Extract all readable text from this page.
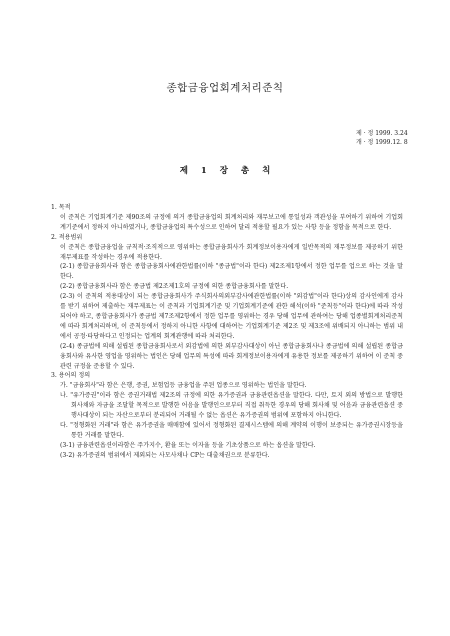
종합금융업회계처리준칙
제 · 정 1999. 3.24
개 · 정 1999.12. 8
제 1 장 총 칙
1. 목적
이 준칙은 기업회계기준 제90조의 규정에 의거 종합금융업의 회계처리와 재무보고에 통일성과 객관성을 부여하기 위하여 기업회계기준에서 정하지 아니하였거나, 종합금융업의 특수성으로 인하여 달리 적용할 필요가 있는 사항 등을 정함을 목적으로 한다.
2. 적용범위
이 준칙은 종합금융업을 규칙적·조직적으로 영위하는 종합금융회사가 회계정보이용자에게 일반목적의 재무정보를 제공하기 위한 재무제표를 작성하는 경우에 적용한다.
(2-1) 종합금융회사라 함은 종합금융회사에관한법률(이하 "종금법"이라 한다) 제2조제1항에서 정한 업무를 업으로 하는 것을 말한다.
(2-2) 종합금융회사라 함은 종금법 제2조제1호의 규정에 의한 종합금융회사를 말한다.
(2-3) 이 준칙의 적용대상이 되는 종합금융회사가 주식회사의외부감사에관한법률(이하 "외감법"이라 한다)상의 감사인에게 감사를 받기 위하여 제출하는 재무제표는 이 준칙과 기업회계기준 및 기업회계기준에 관한 해석(이하 "준칙등"이라 한다)에 따라 작성되어야 하고, 종합금융회사가 종금법 제7조제2항에서 정한 업무를 영위하는 경우 당해 업무에 관하여는 당해 업종별회계처리준칙에 따라 회계처리하며, 이 준칙등에서 정하지 아니한 사항에 대하여는 기업회계기준 제2조 및 제3조에 위배되지 아니하는 범위 내에서 공정·타당하다고 인정되는 업계의 회계관행에 따라 처리한다.
(2-4) 종금법에 의해 설립된 종합금융회사로서 외감법에 의한 외부감사대상이 아닌 종합금융회사나 종금법에 의해 설립된 종합금융회사와 유사한 영업을 영위하는 법인은 당해 업무의 특성에 따라 회계정보이용자에게 유용한 정보를 제공하기 위하여 이 준칙 중 관련 규정을 준용할 수 있다.
3. 용어의 정의
가. "금융회사"라 함은 은행, 증권, 보험업등 금융업을 주된 업종으로 영위하는 법인을 말한다.
나. "유가증권"이라 함은 증권거래법 제2조의 규정에 의한 유가증권과 금융관련옵션을 말한다. 다만, 토지 외의 방법으로 발행한 회사채와 자금을 조달할 목적으로 발행한 어음을 발행인으로부터 직접 취득한 경우의 당해 회사채 및 어음과 금융관련옵션 중 행사대상이 되는 자산으로부터 분리되어 거래될 수 없는 옵션은 유가증권의 범위에 포함하지 아니한다.
다. "정형화된 거래"라 함은 유가증권을 매매함에 있어서 정형화된 결제시스템에 의해 계약의 이행이 보증되는 유가증권시장등을 통한 거래를 말한다.
(3-1) 금융관련옵션이라함은 주가지수, 환율 또는 이자율 등을 기초상품으로 하는 옵션을 말한다.
(3-2) 유가증권의 범위에서 제외되는 사모사채나 CP는 대출채권으로 분류한다.
